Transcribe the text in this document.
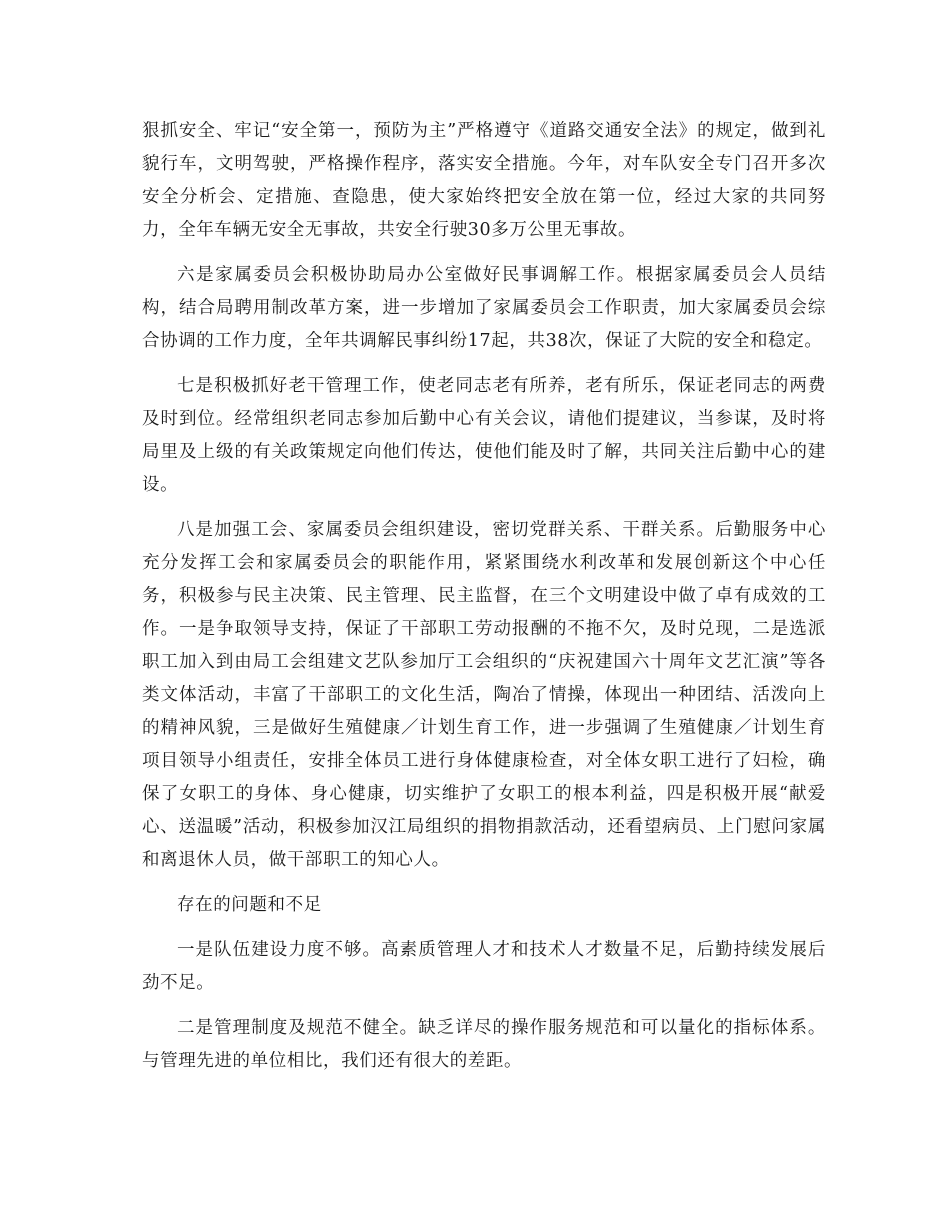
狠抓安全、牢记“安全第一，预防为主”严格遵守《道路交通安全法》的规定，做到礼貌行车，文明驾驶，严格操作程序，落实安全措施。今年，对车队安全专门召开多次安全分析会、定措施、查隐患，使大家始终把安全放在第一位，经过大家的共同努力，全年车辆无安全无事故，共安全行驶30多万公里无事故。

六是家属委员会积极协助局办公室做好民事调解工作。根据家属委员会人员结构，结合局聘用制改革方案，进一步增加了家属委员会工作职责，加大家属委员会综合协调的工作力度，全年共调解民事纠纷17起，共38次，保证了大院的安全和稳定。

七是积极抓好老干管理工作，使老同志老有所养，老有所乐，保证老同志的两费及时到位。经常组织老同志参加后勤中心有关会议，请他们提建议，当参谋，及时将局里及上级的有关政策规定向他们传达，使他们能及时了解，共同关注后勤中心的建设。

八是加强工会、家属委员会组织建设，密切党群关系、干群关系。后勤服务中心充分发挥工会和家属委员会的职能作用，紧紧围绕水利改革和发展创新这个中心任务，积极参与民主决策、民主管理、民主监督，在三个文明建设中做了卓有成效的工作。一是争取领导支持，保证了干部职工劳动报酬的不拖不欠，及时兑现，二是选派职工加入到由局工会组建文艺队参加厅工会组织的“庆祝建国六十周年文艺汇演”等各类文体活动，丰富了干部职工的文化生活，陶冶了情操，体现出一种团结、活泼向上的精神风貌，三是做好生殖健康／计划生育工作，进一步强调了生殖健康／计划生育项目领导小组责任，安排全体员工进行身体健康检查，对全体女职工进行了妇检，确保了女职工的身体、身心健康，切实维护了女职工的根本利益，四是积极开展“献爱心、送温暖”活动，积极参加汉江局组织的捐物捐款活动，还看望病员、上门慰问家属和离退休人员，做干部职工的知心人。

存在的问题和不足

一是队伍建设力度不够。高素质管理人才和技术人才数量不足，后勤持续发展后劲不足。

二是管理制度及规范不健全。缺乏详尽的操作服务规范和可以量化的指标体系。与管理先进的单位相比，我们还有很大的差距。
